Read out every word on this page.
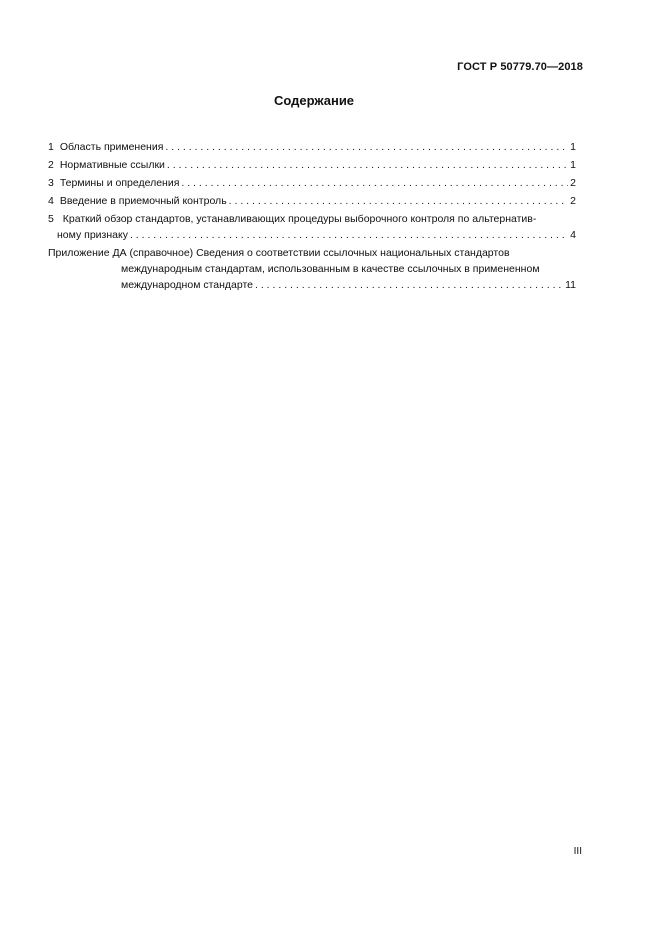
ГОСТ Р 50779.70—2018
Содержание
1 Область применения . . .	1
2 Нормативные ссылки . . .	1
3 Термины и определения . . .	2
4 Введение в приемочный контроль . . .	2
5 Краткий обзор стандартов, устанавливающих процедуры выборочного контроля по альтернатив-
ному признаку . . .	4
Приложение ДА (справочное) Сведения о соответствии ссылочных национальных стандартов
международным стандартам, использованным в качестве ссылочных в примененном
международном стандарте . . .	11
III
